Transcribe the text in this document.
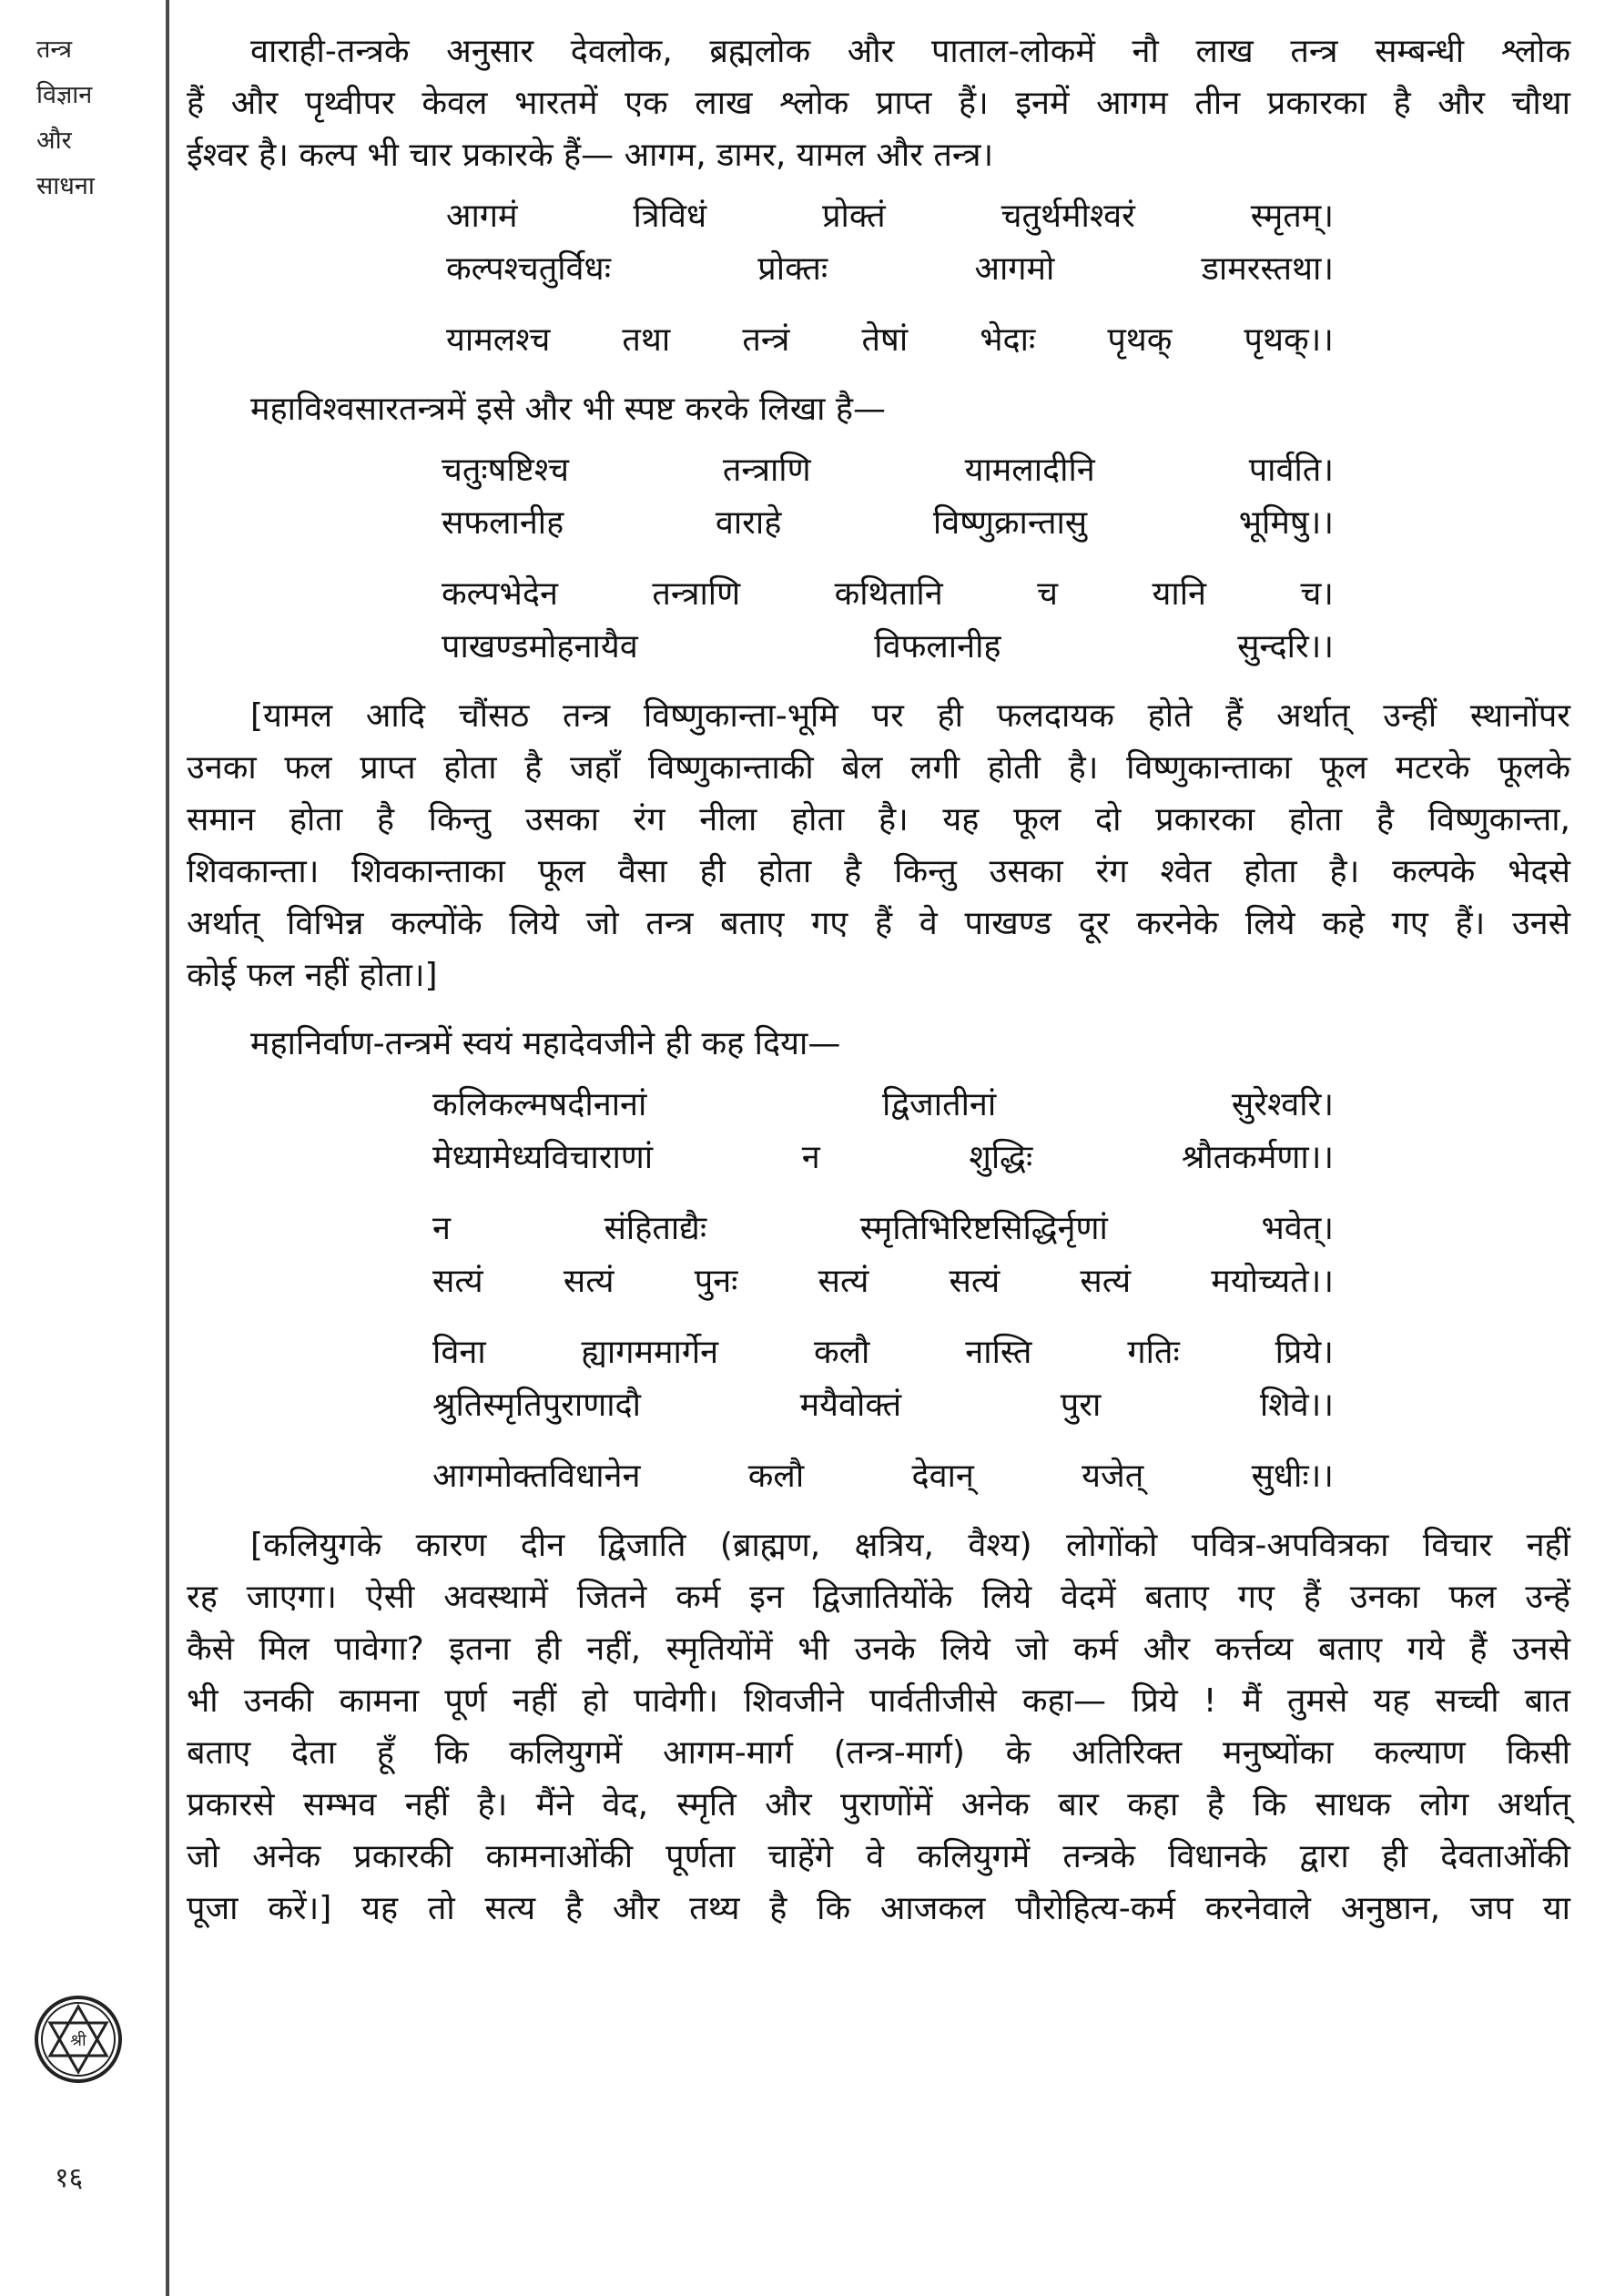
तन्त्र
विज्ञान
और
साधना
श्री
१६

वाराही-तन्त्रके अनुसार देवलोक, ब्रह्मलोक और पाताल-लोकमें नौ लाख तन्त्र सम्बन्धी श्लोक
हैं और पृथ्वीपर केवल भारतमें एक लाख श्लोक प्राप्त हैं। इनमें आगम तीन प्रकारका है और चौथा
ईश्वर है। कल्प भी चार प्रकारके हैं— आगम, डामर, यामल और तन्त्र।

आगमं	त्रिविधं	प्रोक्तं	चतुर्थमीश्वरं	स्मृतम्।
कल्पश्चतुर्विधः	प्रोक्तः	आगमो	डामरस्तथा।
यामलश्च तथा तन्त्रं तेषां भेदाः पृथक् पृथक्।।
महाविश्वसारतन्त्रमें इसे और भी स्पष्ट करके लिखा है—
चतुःषष्टिश्च	तन्त्राणि	यामलादीनि	पार्वति।
सफलानीह	वाराहे	विष्णुक्रान्तासु	भूमिषु।।
कल्पभेदेन	तन्त्राणि	कथितानि	च	यानि	च।
पाखण्डमोहनायैव	विफलानीह	सुन्दरि।।

[यामल आदि चौंसठ तन्त्र विष्णुकान्ता-भूमि पर ही फलदायक होते हैं अर्थात् उन्हीं स्थानोंपर
उनका फल प्राप्त होता है जहाँ विष्णुकान्ताकी बेल लगी होती है। विष्णुकान्ताका फूल मटरके फूलके
समान होता है किन्तु उसका रंग नीला होता है। यह फूल दो प्रकारका होता है विष्णुकान्ता,
शिवकान्ता। शिवकान्ताका फूल वैसा ही होता है किन्तु उसका रंग श्वेत होता है। कल्पके भेदसे
अर्थात् विभिन्न कल्पोंके लिये जो तन्त्र बताए गए हैं वे पाखण्ड दूर करनेके लिये कहे गए हैं। उनसे
कोई फल नहीं होता।]

महानिर्वाण-तन्त्रमें स्वयं महादेवजीने ही कह दिया—
कलिकल्मषदीनानां	द्विजातीनां	सुरेश्वरि।
मेध्यामेध्यविचाराणां	न	शुद्धिः	श्रौतकर्मणा।।
न	संहिताद्यैः	स्मृतिभिरिष्टसिद्धिर्नृणां	भवेत्।
सत्यं सत्यं पुनः सत्यं सत्यं सत्यं मयोच्यते।।
विना	ह्यागममार्गेन	कलौ	नास्ति	गतिः	प्रिये।
श्रुतिस्मृतिपुराणादौ	मयैवोक्तं	पुरा	शिवे।।
आगमोक्तविधानेन	कलौ	देवान्	यजेत्	सुधीः।।

[कलियुगके कारण दीन द्विजाति (ब्राह्मण, क्षत्रिय, वैश्य) लोगोंको पवित्र-अपवित्रका विचार नहीं
रह जाएगा। ऐसी अवस्थामें जितने कर्म इन द्विजातियोंके लिये वेदमें बताए गए हैं उनका फल उन्हें
कैसे मिल पावेगा? इतना ही नहीं, स्मृतियोंमें भी उनके लिये जो कर्म और कर्त्तव्य बताए गये हैं उनसे
भी उनकी कामना पूर्ण नहीं हो पावेगी। शिवजीने पार्वतीजीसे कहा— प्रिये ! मैं तुमसे यह सच्ची बात
बताए देता हूँ कि कलियुगमें आगम-मार्ग (तन्त्र-मार्ग) के अतिरिक्त मनुष्योंका कल्याण किसी
प्रकारसे सम्भव नहीं है। मैंने वेद, स्मृति और पुराणोंमें अनेक बार कहा है कि साधक लोग अर्थात्
जो अनेक प्रकारकी कामनाओंकी पूर्णता चाहेंगे वे कलियुगमें तन्त्रके विधानके द्वारा ही देवताओंकी
पूजा करें।] यह तो सत्य है और तथ्य है कि आजकल पौरोहित्य-कर्म करनेवाले अनुष्ठान, जप या
